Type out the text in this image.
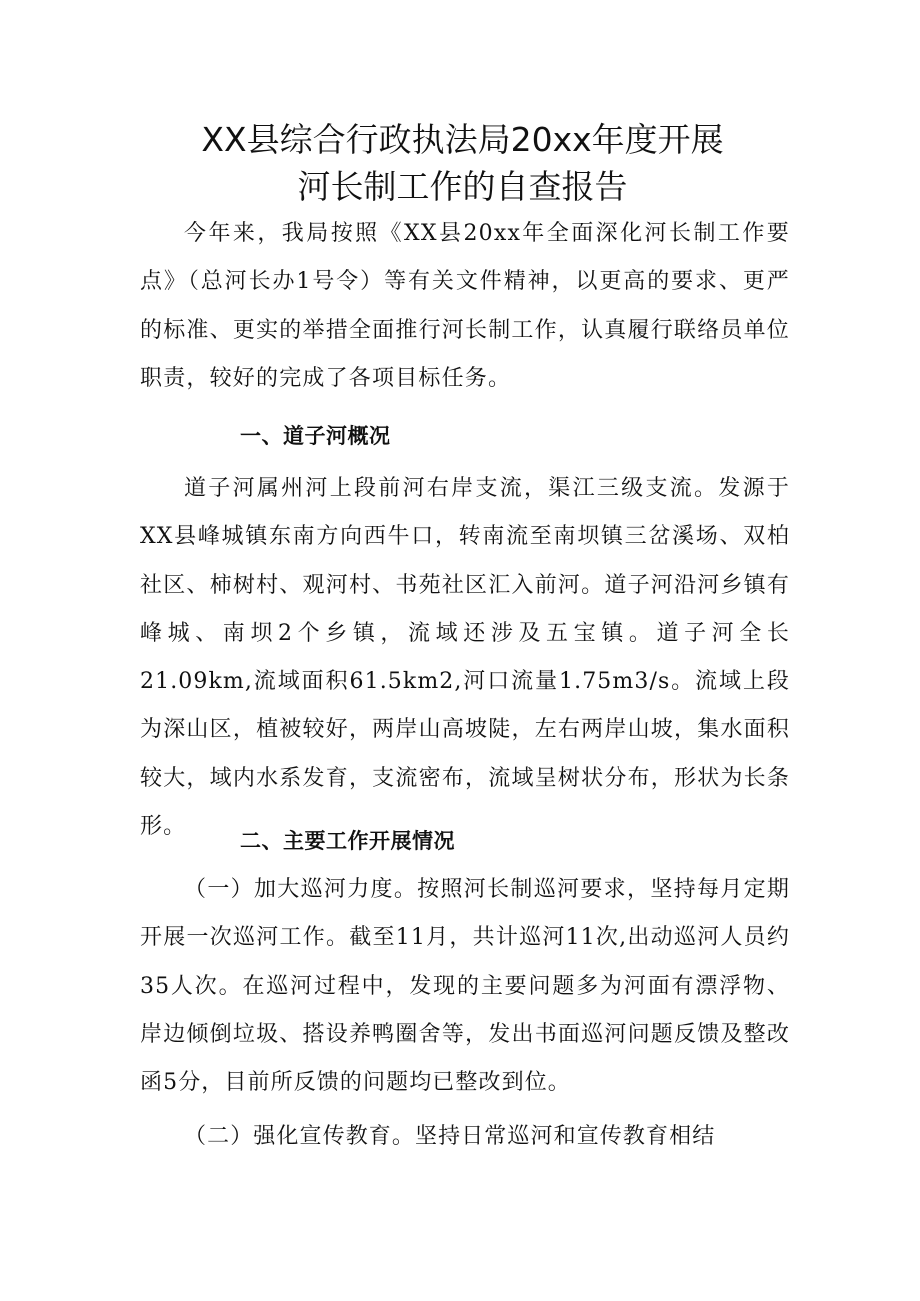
XX县综合行政执法局20xx年度开展
河长制工作的自查报告

今年来，我局按照《XX县20xx年全面深化河长制工作要点》（总河长办1号令）等有关文件精神，以更高的要求、更严的标准、更实的举措全面推行河长制工作，认真履行联络员单位职责，较好的完成了各项目标任务。

一、道子河概况

道子河属州河上段前河右岸支流，渠江三级支流。发源于XX县峰城镇东南方向西牛口，转南流至南坝镇三岔溪场、双柏社区、柿树村、观河村、书苑社区汇入前河。道子河沿河乡镇有峰城、南坝2个乡镇，流域还涉及五宝镇。道子河全长21.09km,流域面积61.5km2,河口流量1.75m3/s。流域上段为深山区，植被较好，两岸山高坡陡，左右两岸山坡，集水面积较大，域内水系发育，支流密布，流域呈树状分布，形状为长条形。

二、主要工作开展情况

（一）加大巡河力度。按照河长制巡河要求，坚持每月定期开展一次巡河工作。截至11月，共计巡河11次,出动巡河人员约35人次。在巡河过程中，发现的主要问题多为河面有漂浮物、岸边倾倒垃圾、搭设养鸭圈舍等，发出书面巡河问题反馈及整改函5分，目前所反馈的问题均已整改到位。

（二）强化宣传教育。坚持日常巡河和宣传教育相结
